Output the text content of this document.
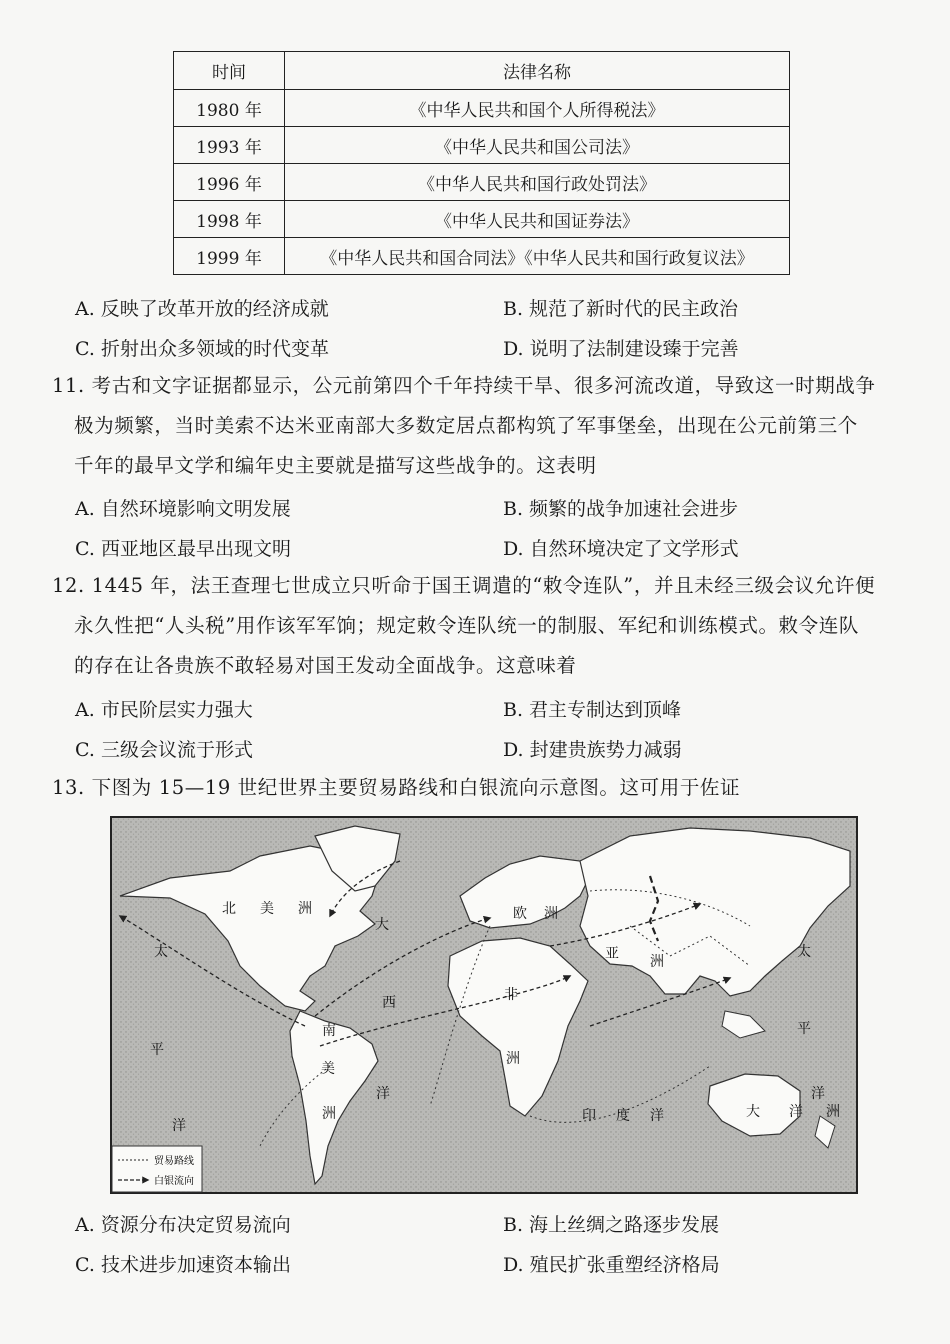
时间	法律名称
1980 年	《中华人民共和国个人所得税法》
1993 年	《中华人民共和国公司法》
1996 年	《中华人民共和国行政处罚法》
1998 年	《中华人民共和国证券法》
1999 年	《中华人民共和国合同法》《中华人民共和国行政复议法》
A. 反映了改革开放的经济成就	B. 规范了新时代的民主政治
C. 折射出众多领域的时代变革	D. 说明了法制建设臻于完善
11. 考古和文字证据都显示，公元前第四个千年持续干旱、很多河流改道，导致这一时期战争
极为频繁，当时美索不达米亚南部大多数定居点都构筑了军事堡垒，出现在公元前第三个
千年的最早文学和编年史主要就是描写这些战争的。这表明
A. 自然环境影响文明发展	B. 频繁的战争加速社会进步
C. 西亚地区最早出现文明	D. 自然环境决定了文学形式
12. 1445 年，法王查理七世成立只听命于国王调遣的“敕令连队”，并且未经三级会议允许便
永久性把“人头税”用作该军军饷；规定敕令连队统一的制服、军纪和训练模式。敕令连队
的存在让各贵族不敢轻易对国王发动全面战争。这意味着
A. 市民阶层实力强大	B. 君主专制达到顶峰
C. 三级会议流于形式	D. 封建贵族势力减弱
13. 下图为 15—19 世纪世界主要贸易路线和白银流向示意图。这可用于佐证
北 美 洲
太
平
洋
大
西
洋
南
美
洲
欧 洲
非
洲
亚 洲
印 度 洋
太
平
洋
大 洋 洲
贸易路线
白银流向
A. 资源分布决定贸易流向	B. 海上丝绸之路逐步发展
C. 技术进步加速资本输出	D. 殖民扩张重塑经济格局
